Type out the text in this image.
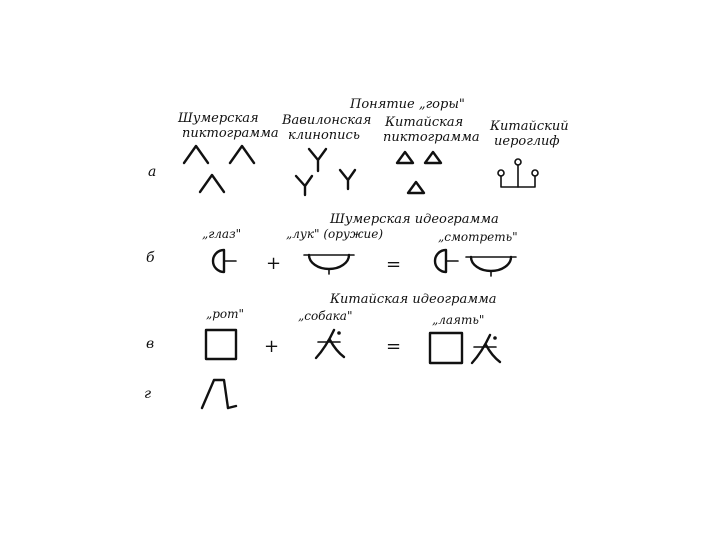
Понятие „горы"
Шумерская
пиктограмма
Вавилонская
клинопись
Китайская
пиктограмма
Китайский
иероглиф
а
Шумерская идеограмма
„глаз"	„лук" (оружие)	„смотреть"
б	+	=
Китайская идеограмма
„рот"	„собака"	„лаять"
в	+	=
г
